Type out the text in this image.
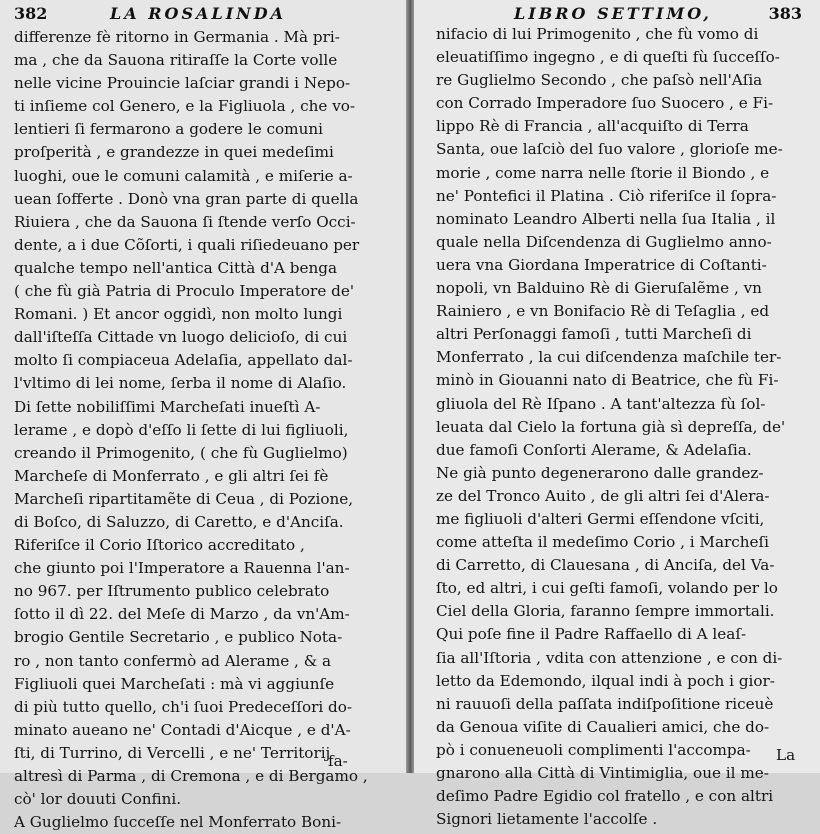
382	LA ROSALINDA
differenze fè ritorno in Germania . Mà pri-
ma , che da Sauona ritiraſſe la Corte volle
nelle vicine Prouincie laſciar grandi i Nepo-
ti inſieme col Genero, e la Figliuola , che vo-
lentieri ſi fermarono a godere le comuni
proſperità , e grandezze in quei medeſimi
luoghi, oue le comuni calamità , e miſerie a-
uean ſofferte . Donò vna gran parte di quella
Riuiera , che da Sauona ſi ſtende verſo Occi-
dente, a i due Cõſorti, i quali riſiedeuano per
qualche tempo nell'antica Città d'A benga
( che fù già Patria di Proculo Imperatore de'
Romani. ) Et ancor oggidì, non molto lungi
dall'iſteſſa Cittade vn luogo delicioſo, di cui
molto ſi compiaceua Adelaſia, appellato dal-
l'vltimo di lei nome, ſerba il nome di Alaſio.
Di ſette nobiliſſimi Marcheſati inueſtì A-
lerame , e dopò d'eſſo li ſette di lui figliuoli,
creando il Primogenito, ( che fù Guglielmo)
Marcheſe di Monferrato , e gli altri ſei fè
Marcheſi ripartitamẽte di Ceua , di Pozione,
di Boſco, di Saluzzo, di Caretto, e d'Anciſa.
Riferiſce il Corio Iſtorico accreditato ,
che giunto poi l'Imperatore a Rauenna l'an-
no 967. per Iſtrumento publico celebrato
ſotto il dì 22. del Meſe di Marzo , da vn'Am-
brogio Gentile Secretario , e publico Nota-
ro , non tanto confermò ad Alerame , & a
Figliuoli quei Marcheſati : mà vi aggiunſe
di più tutto quello, ch'i ſuoi Predeceſſori do-
minato aueano ne' Contadi d'Aicque , e d'A-
ſti, di Turrino, di Vercelli , e ne' Territorij
altresì di Parma , di Cremona , e di Bergamo ,
cò' lor douuti Confini.
A Guglielmo ſucceſſe nel Monferrato Boni-
fa-
LIBRO SETTIMO,	383
nifacio di lui Primogenito , che fù vomo di
eleuatiſſimo ingegno , e di queſti fù ſucceſſo-
re Guglielmo Secondo , che paſsò nell'Aſia
con Corrado Imperadore ſuo Suocero , e Fi-
lippo Rè di Francia , all'acquiſto di Terra
Santa, oue laſciò del ſuo valore , glorioſe me-
morie , come narra nelle ſtorie il Biondo , e
ne' Pontefici il Platina . Ciò riferiſce il ſopra-
nominato Leandro Alberti nella ſua Italia , il
quale nella Diſcendenza di Guglielmo anno-
uera vna Giordana Imperatrice di Coſtanti-
nopoli, vn Balduino Rè di Gieruſalẽme , vn
Rainiero , e vn Bonifacio Rè di Teſaglia , ed
altri Perſonaggi famoſi , tutti Marcheſi di
Monferrato , la cui diſcendenza maſchile ter-
minò in Giouanni nato di Beatrice, che fù Fi-
gliuola del Rè Iſpano . A tant'altezza fù ſol-
leuata dal Cielo la fortuna già sì depreſſa, de'
due famoſi Conſorti Alerame, & Adelaſia.
Ne già punto degenerarono dalle grandez-
ze del Tronco Auito , de gli altri ſei d'Alera-
me figliuoli d'alteri Germi eſſendone vſciti,
come atteſta il medeſimo Corio , i Marcheſi
di Carretto, di Clauesana , di Anciſa, del Va-
ſto, ed altri, i cui geſti famoſi, volando per lo
Ciel della Gloria, faranno ſempre immortali.
Qui poſe fine il Padre Raffaello di A leaſ-
ſia all'Iſtoria , vdita con attenzione , e con di-
letto da Edemondo, ilqual indi à poch i gior-
ni rauuoſi della paſſata indiſpoſitione riceuè
da Genoua viſite di Caualieri amici, che do-
pò i conueneuoli complimenti l'accompa-
gnarono alla Città di Vintimiglia, oue il me-
deſimo Padre Egidio col fratello , e con altri
Signori lietamente l'accolſe .
La
